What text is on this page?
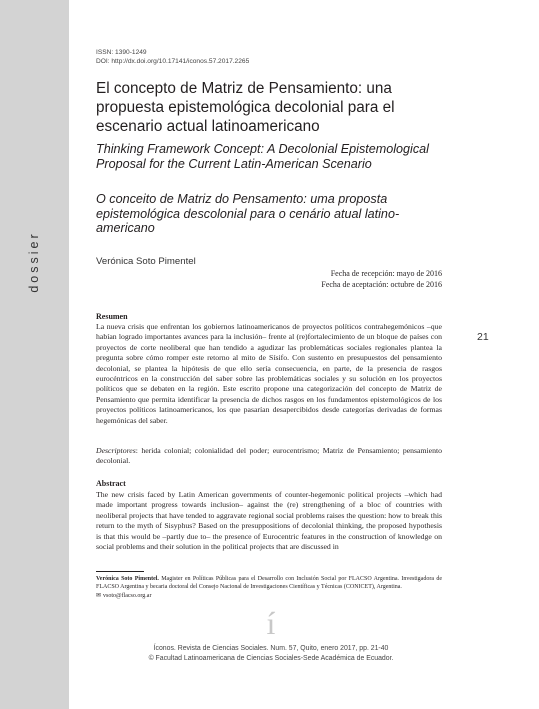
dossier
ISSN: 1390-1249
DOI: http://dx.doi.org/10.17141/iconos.57.2017.2265
El concepto de Matriz de Pensamiento: una propuesta epistemológica decolonial para el escenario actual latinoamericano
Thinking Framework Concept: A Decolonial Epistemological Proposal for the Current Latin-American Scenario
O conceito de Matriz do Pensamento: uma proposta epistemológica descolonial para o cenário atual latino-americano
Verónica Soto Pimentel
Fecha de recepción: mayo de 2016
Fecha de aceptación: octubre de 2016
21
Resumen

La nueva crisis que enfrentan los gobiernos latinoamericanos de proyectos políticos contrahegemónicos –que habían logrado importantes avances para la inclusión– frente al (re)fortalecimiento de un bloque de países con proyectos de corte neoliberal que han tendido a agudizar las problemáticas sociales regionales plantea la pregunta sobre cómo romper este retorno al mito de Sísifo. Con sustento en presupuestos del pensamiento decolonial, se plantea la hipótesis de que ello sería consecuencia, en parte, de la presencia de rasgos eurocéntricos en la construcción del saber sobre las problemáticas sociales y su solución en los proyectos políticos que se debaten en la región. Este escrito propone una categorización del concepto de Matriz de Pensamiento que permita identificar la presencia de dichos rasgos en los fundamentos epistemológicos de los proyectos políticos latinoamericanos, los que pasarían desapercibidos desde categorías derivadas de formas hegemónicas del saber.

Descriptores: herida colonial; colonialidad del poder; eurocentrismo; Matriz de Pensamiento; pensamiento decolonial.

Abstract

The new crisis faced by Latin American governments of counter-hegemonic political projects –which had made important progress towards inclusion– against the (re) strengthening of a bloc of countries with neoliberal projects that have tended to aggravate regional social problems raises the question: how to break this return to the myth of Sisyphus? Based on the presuppositions of decolonial thinking, the proposed hypothesis is that this would be –partly due to– the presence of Eurocentric features in the construction of knowledge on social problems and their solution in the political projects that are discussed in

Verónica Soto Pimentel. Magister en Políticas Públicas para el Desarrollo con Inclusión Social por FLACSO Argentina. Investigadora de FLACSO Argentina y becaria doctoral del Consejo Nacional de Investigaciones Científicas y Técnicas (CONICET), Argentina.
✉ vsoto@flacso.org.ar

í
Íconos. Revista de Ciencias Sociales. Num. 57, Quito, enero 2017, pp. 21-40
© Facultad Latinoamericana de Ciencias Sociales-Sede Académica de Ecuador.
